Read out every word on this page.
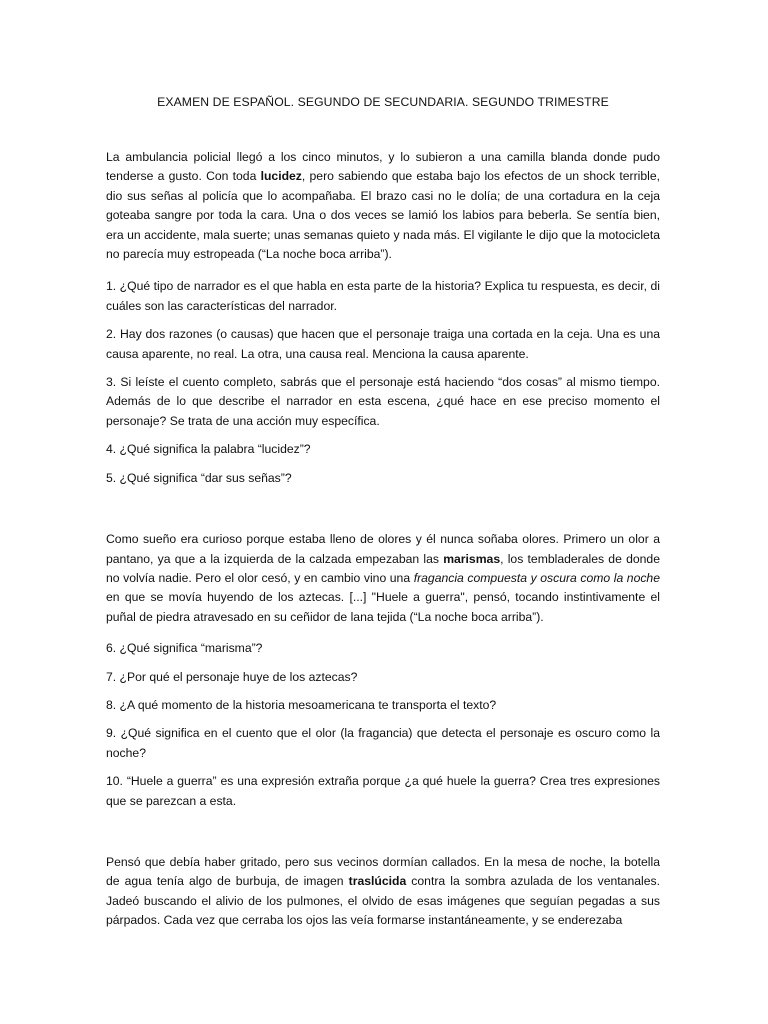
EXAMEN DE ESPAÑOL. SEGUNDO DE SECUNDARIA. SEGUNDO TRIMESTRE

La ambulancia policial llegó a los cinco minutos, y lo subieron a una camilla blanda donde pudo tenderse a gusto. Con toda lucidez, pero sabiendo que estaba bajo los efectos de un shock terrible, dio sus señas al policía que lo acompañaba. El brazo casi no le dolía; de una cortadura en la ceja goteaba sangre por toda la cara. Una o dos veces se lamió los labios para beberla. Se sentía bien, era un accidente, mala suerte; unas semanas quieto y nada más. El vigilante le dijo que la motocicleta no parecía muy estropeada (“La noche boca arriba”).

1. ¿Qué tipo de narrador es el que habla en esta parte de la historia? Explica tu respuesta, es decir, di cuáles son las características del narrador.

2. Hay dos razones (o causas) que hacen que el personaje traiga una cortada en la ceja. Una es una causa aparente, no real. La otra, una causa real. Menciona la causa aparente.

3. Si leíste el cuento completo, sabrás que el personaje está haciendo “dos cosas” al mismo tiempo. Además de lo que describe el narrador en esta escena, ¿qué hace en ese preciso momento el personaje? Se trata de una acción muy específica.

4. ¿Qué significa la palabra “lucidez”?

5. ¿Qué significa “dar sus señas”?

Como sueño era curioso porque estaba lleno de olores y él nunca soñaba olores. Primero un olor a pantano, ya que a la izquierda de la calzada empezaban las marismas, los tembladerales de donde no volvía nadie. Pero el olor cesó, y en cambio vino una fragancia compuesta y oscura como la noche en que se movía huyendo de los aztecas. [...] "Huele a guerra", pensó, tocando instintivamente el puñal de piedra atravesado en su ceñidor de lana tejida (“La noche boca arriba”).

6. ¿Qué significa “marisma”?

7. ¿Por qué el personaje huye de los aztecas?

8. ¿A qué momento de la historia mesoamericana te transporta el texto?

9. ¿Qué significa en el cuento que el olor (la fragancia) que detecta el personaje es oscuro como la noche?

10. “Huele a guerra” es una expresión extraña porque ¿a qué huele la guerra? Crea tres expresiones que se parezcan a esta.

Pensó que debía haber gritado, pero sus vecinos dormían callados. En la mesa de noche, la botella de agua tenía algo de burbuja, de imagen traslúcida contra la sombra azulada de los ventanales. Jadeó buscando el alivio de los pulmones, el olvido de esas imágenes que seguían pegadas a sus párpados. Cada vez que cerraba los ojos las veía formarse instantáneamente, y se enderezaba
